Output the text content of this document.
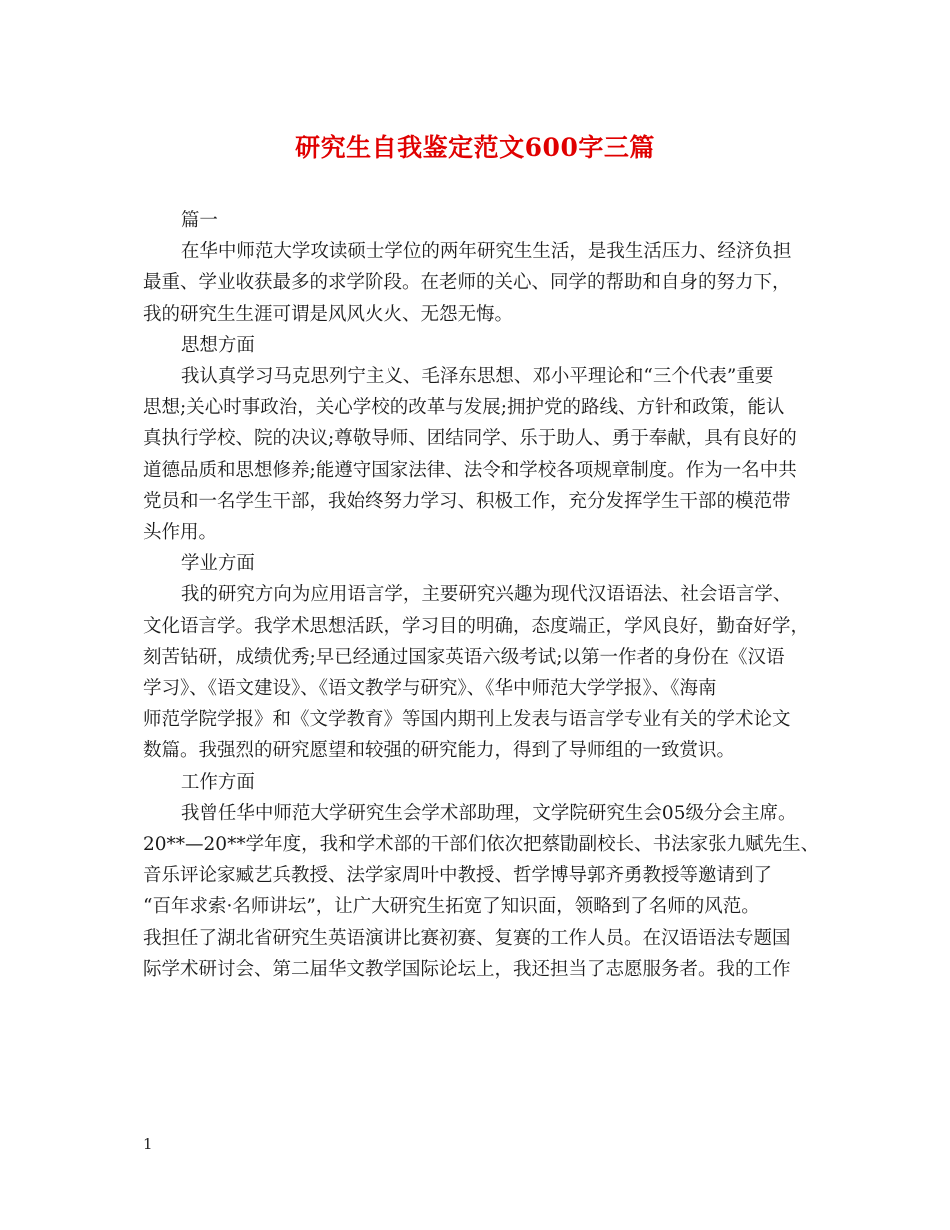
研究生自我鉴定范文600字三篇

篇一

在华中师范大学攻读硕士学位的两年研究生生活，是我生活压力、经济负担
最重、学业收获最多的求学阶段。在老师的关心、同学的帮助和自身的努力下，
我的研究生生涯可谓是风风火火、无怨无悔。

思想方面

我认真学习马克思列宁主义、毛泽东思想、邓小平理论和“三个代表”重要
思想;关心时事政治，关心学校的改革与发展;拥护党的路线、方针和政策，能认
真执行学校、院的决议;尊敬导师、团结同学、乐于助人、勇于奉献，具有良好的
道德品质和思想修养;能遵守国家法律、法令和学校各项规章制度。作为一名中共
党员和一名学生干部，我始终努力学习、积极工作，充分发挥学生干部的模范带
头作用。

学业方面

我的研究方向为应用语言学，主要研究兴趣为现代汉语语法、社会语言学、
文化语言学。我学术思想活跃，学习目的明确，态度端正，学风良好，勤奋好学，
刻苦钻研，成绩优秀;早已经通过国家英语六级考试;以第一作者的身份在《汉语
学习》、《语文建设》、《语文教学与研究》、《华中师范大学学报》、《海南
师范学院学报》和《文学教育》等国内期刊上发表与语言学专业有关的学术论文
数篇。我强烈的研究愿望和较强的研究能力，得到了导师组的一致赏识。

工作方面

我曾任华中师范大学研究生会学术部助理，文学院研究生会05级分会主席。
20**—20**学年度，我和学术部的干部们依次把蔡勖副校长、书法家张九赋先生、
音乐评论家臧艺兵教授、法学家周叶中教授、哲学博导郭齐勇教授等邀请到了
“百年求索·名师讲坛”，让广大研究生拓宽了知识面，领略到了名师的风范。
我担任了湖北省研究生英语演讲比赛初赛、复赛的工作人员。在汉语语法专题国
际学术研讨会、第二届华文教学国际论坛上，我还担当了志愿服务者。我的工作

1
